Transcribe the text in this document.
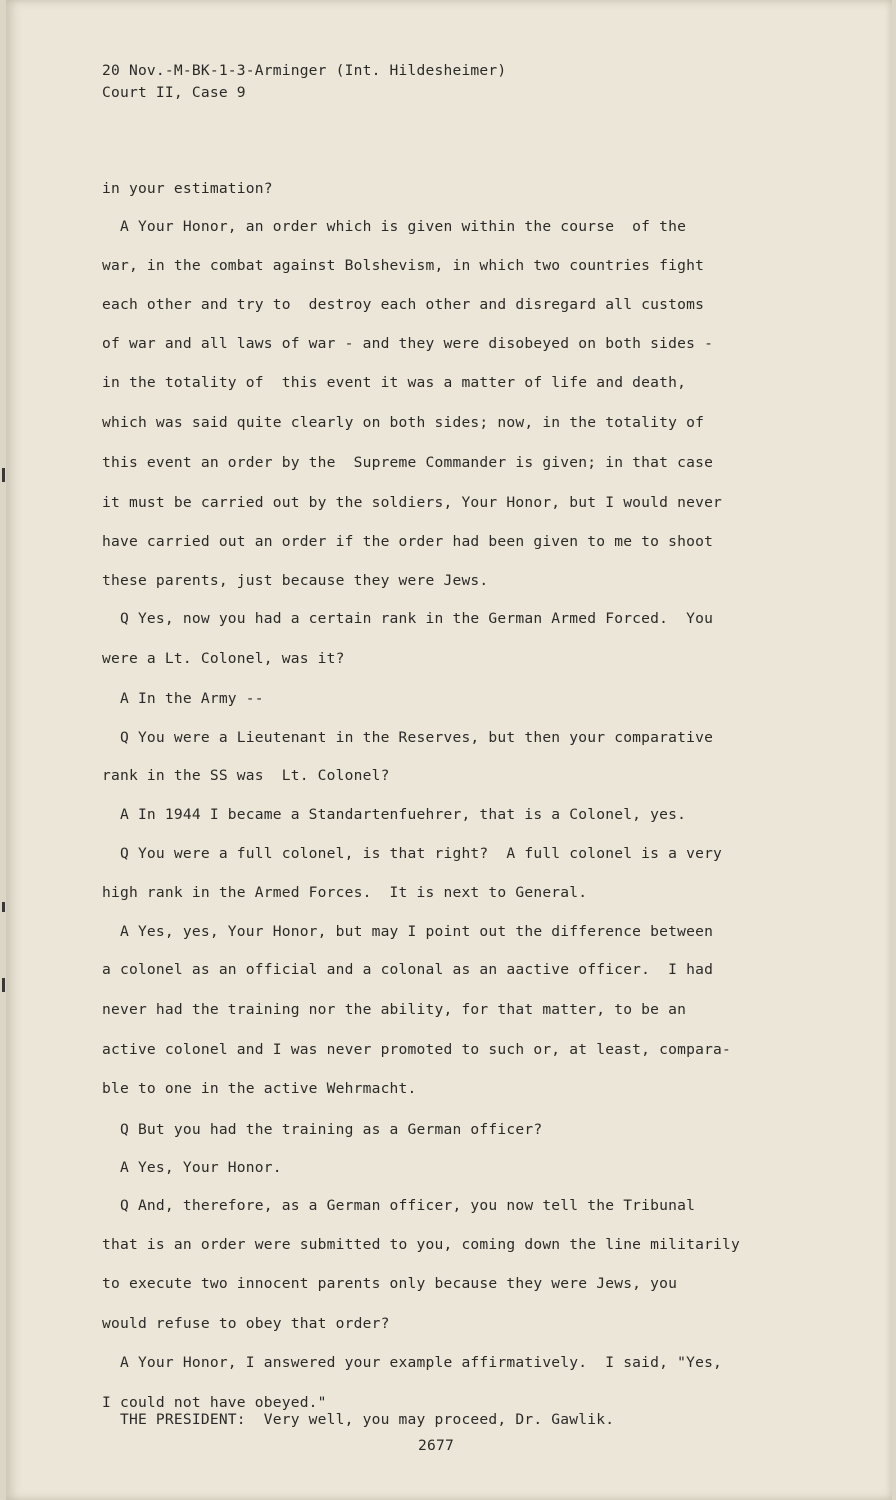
20 Nov.-M-BK-1-3-Arminger (Int. Hildesheimer)

Court II, Case 9

in your estimation?

A Your Honor, an order which is given within the course  of the

war, in the combat against Bolshevism, in which two countries fight

each other and try to  destroy each other and disregard all customs

of war and all laws of war - and they were disobeyed on both sides -

in the totality of  this event it was a matter of life and death,

which was said quite clearly on both sides; now, in the totality of

this event an order by the  Supreme Commander is given; in that case

it must be carried out by the soldiers, Your Honor, but I would never

have carried out an order if the order had been given to me to shoot

these parents, just because they were Jews.

Q Yes, now you had a certain rank in the German Armed Forced.  You

were a Lt. Colonel, was it?

A In the Army --

Q You were a Lieutenant in the Reserves, but then your comparative

rank in the SS was  Lt. Colonel?

A In 1944 I became a Standartenfuehrer, that is a Colonel, yes.

Q You were a full colonel, is that right?  A full colonel is a very

high rank in the Armed Forces.  It is next to General.

A Yes, yes, Your Honor, but may I point out the difference between

a colonel as an official and a colonal as an aactive officer.  I had

never had the training nor the ability, for that matter, to be an

active colonel and I was never promoted to such or, at least, compara-

ble to one in the active Wehrmacht.

Q But you had the training as a German officer?

A Yes, Your Honor.

Q And, therefore, as a German officer, you now tell the Tribunal

that is an order were submitted to you, coming down the line militarily

to execute two innocent parents only because they were Jews, you

would refuse to obey that order?

A Your Honor, I answered your example affirmatively.  I said, "Yes,

I could not have obeyed."

THE PRESIDENT:  Very well, you may proceed, Dr. Gawlik.

2677
